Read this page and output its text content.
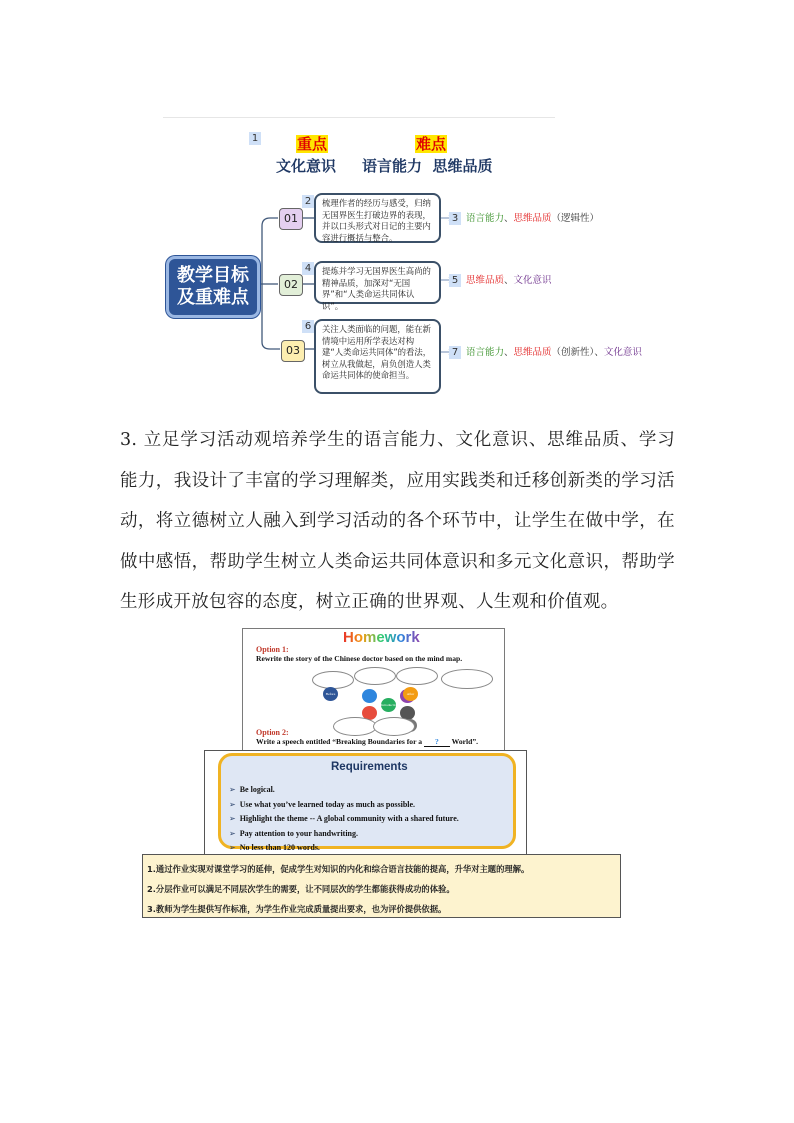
1	重点	难点
文化意识 语言能力  思维品质
教学目标
及重难点
01
2	梳理作者的经历与感受，归纳无国界医生打破边界的表现，并以口头形式对日记的主要内容进行概括与整合。
3 语言能力、思维品质（逻辑性）
02
4	提炼并学习无国界医生高尚的精神品质，加深对“无国界”和“人类命运共同体认识”。
5 思维品质、文化意识
03
6	关注人类面临的问题，能在新情境中运用所学表达对构建“人类命运共同体”的看法，树立从我做起，肩负创造人类命运共同体的使命担当。
7 语言能力、思维品质（创新性）、文化意识
3. 立足学习活动观培养学生的语言能力、文化意识、思维品质、学习能力，我设计了丰富的学习理解类，应用实践类和迁移创新类的学习活动，将立德树立人融入到学习活动的各个环节中，让学生在做中学，在做中感悟，帮助学生树立人类命运共同体意识和多元文化意识，帮助学生形成开放包容的态度，树立正确的世界观、人生观和价值观。
Homework
Option 1:
Rewrite the story of the Chinese doctor based on the mind map.
Before arrival
Introduction
After
Option 2:
Write a speech entitled “Breaking Boundaries for a ? World”.
Requirements
➢ Be logical.
➢ Use what you’ve learned today as much as possible.
➢ Highlight the theme -- A global community with a shared future.
➢ Pay attention to your handwriting.
➢ No less than 120 words.
1.通过作业实现对课堂学习的延伸，促成学生对知识的内化和综合语言技能的提高，升华对主题的理解。
2.分层作业可以满足不同层次学生的需要，让不同层次的学生都能获得成功的体验。
3.教师为学生提供写作标准，为学生作业完成质量提出要求，也为评价提供依据。
